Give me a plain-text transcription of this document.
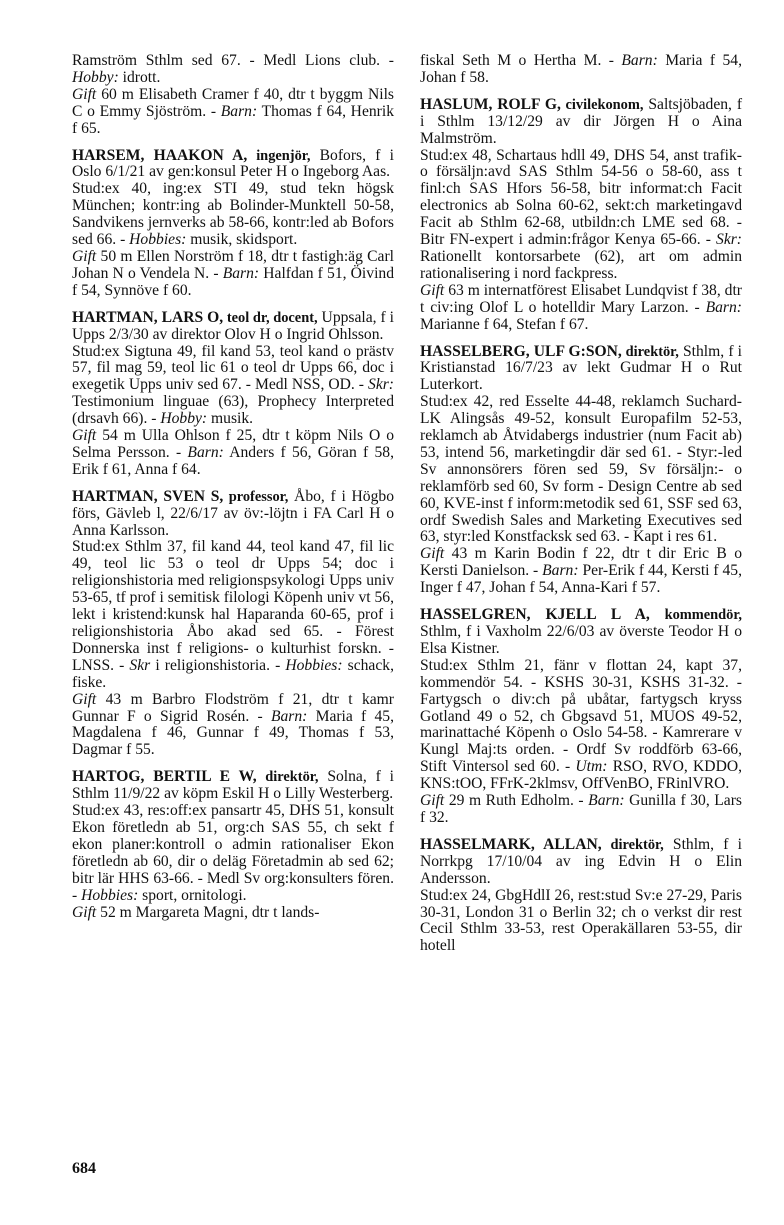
Ramström Sthlm sed 67. - Medl Lions club. - Hobby: idrott.

Gift 60 m Elisabeth Cramer f 40, dtr t byggm Nils C o Emmy Sjöström. - Barn: Thomas f 64, Henrik f 65.

HARSEM, HAAKON A, ingenjör, Bofors, f i Oslo 6/1/21 av gen:konsul Peter H o Ingeborg Aas.

Stud:ex 40, ing:ex STI 49, stud tekn högsk München; kontr:ing ab Bolinder-Munktell 50-58, Sandvikens jernverks ab 58-66, kontr:led ab Bofors sed 66. - Hobbies: musik, skidsport.

Gift 50 m Ellen Norström f 18, dtr t fastigh:äg Carl Johan N o Vendela N. - Barn: Halfdan f 51, Öivind f 54, Synnöve f 60.

HARTMAN, LARS O, teol dr, docent, Uppsala, f i Upps 2/3/30 av direktor Olov H o Ingrid Ohlsson.

Stud:ex Sigtuna 49, fil kand 53, teol kand o prästv 57, fil mag 59, teol lic 61 o teol dr Upps 66, doc i exegetik Upps univ sed 67. - Medl NSS, OD. - Skr: Testimonium linguae (63), Prophecy Interpreted (drsavh 66). - Hobby: musik.

Gift 54 m Ulla Ohlson f 25, dtr t köpm Nils O o Selma Persson. - Barn: Anders f 56, Göran f 58, Erik f 61, Anna f 64.

HARTMAN, SVEN S, professor, Åbo, f i Högbo förs, Gävleb l, 22/6/17 av öv:-löjtn i FA Carl H o Anna Karlsson.

Stud:ex Sthlm 37, fil kand 44, teol kand 47, fil lic 49, teol lic 53 o teol dr Upps 54; doc i religionshistoria med religionspsykologi Upps univ 53-65, tf prof i semitisk filologi Köpenh univ vt 56, lekt i kristend:kunsk hal Haparanda 60-65, prof i religionshistoria Åbo akad sed 65. - Förest Donnerska inst f religions- o kulturhist forskn. - LNSS. - Skr i religionshistoria. - Hobbies: schack, fiske.

Gift 43 m Barbro Flodström f 21, dtr t kamr Gunnar F o Sigrid Rosén. - Barn: Maria f 45, Magdalena f 46, Gunnar f 49, Thomas f 53, Dagmar f 55.

HARTOG, BERTIL E W, direktör, Solna, f i Sthlm 11/9/22 av köpm Eskil H o Lilly Westerberg.

Stud:ex 43, res:off:ex pansartr 45, DHS 51, konsult Ekon företledn ab 51, org:ch SAS 55, ch sekt f ekon planer:kontroll o admin rationaliser Ekon företledn ab 60, dir o deläg Företadmin ab sed 62; bitr lär HHS 63-66. - Medl Sv org:konsulters fören. - Hobbies: sport, ornitologi.

Gift 52 m Margareta Magni, dtr t lands-

fiskal Seth M o Hertha M. - Barn: Maria f 54, Johan f 58.

HASLUM, ROLF G, civilekonom, Saltsjöbaden, f i Sthlm 13/12/29 av dir Jörgen H o Aina Malmström.

Stud:ex 48, Schartaus hdll 49, DHS 54, anst trafik- o försäljn:avd SAS Sthlm 54-56 o 58-60, ass t finl:ch SAS Hfors 56-58, bitr informat:ch Facit electronics ab Solna 60-62, sekt:ch marketingavd Facit ab Sthlm 62-68, utbildn:ch LME sed 68. - Bitr FN-expert i admin:frågor Kenya 65-66. - Skr: Rationellt kontorsarbete (62), art om admin rationalisering i nord fackpress.

Gift 63 m internatförest Elisabet Lundqvist f 38, dtr t civ:ing Olof L o hotelldir Mary Larzon. - Barn: Marianne f 64, Stefan f 67.

HASSELBERG, ULF G:SON, direktör, Sthlm, f i Kristianstad 16/7/23 av lekt Gudmar H o Rut Luterkort.

Stud:ex 42, red Esselte 44-48, reklamch Suchard-LK Alingsås 49-52, konsult Europafilm 52-53, reklamch ab Åtvidabergs industrier (num Facit ab) 53, intend 56, marketingdir där sed 61. - Styr:-led Sv annonsörers fören sed 59, Sv försäljn:- o reklamförb sed 60, Sv form - Design Centre ab sed 60, KVE-inst f inform:metodik sed 61, SSF sed 63, ordf Swedish Sales and Marketing Executives sed 63, styr:led Konstfacksk sed 63. - Kapt i res 61.

Gift 43 m Karin Bodin f 22, dtr t dir Eric B o Kersti Danielson. - Barn: Per-Erik f 44, Kersti f 45, Inger f 47, Johan f 54, Anna-Kari f 57.

HASSELGREN, KJELL L A, kommendör, Sthlm, f i Vaxholm 22/6/03 av överste Teodor H o Elsa Kistner.

Stud:ex Sthlm 21, fänr v flottan 24, kapt 37, kommendör 54. - KSHS 30-31, KSHS 31-32. - Fartygsch o div:ch på ubåtar, fartygsch kryss Gotland 49 o 52, ch Gbgsavd 51, MUOS 49-52, marinattaché Köpenh o Oslo 54-58. - Kamrerare v Kungl Maj:ts orden. - Ordf Sv roddförb 63-66, Stift Vintersol sed 60. - Utm: RSO, RVO, KDDO, KNS:tOO, FFrK-2klmsv, OffVenBO, FRinlVRO.

Gift 29 m Ruth Edholm. - Barn: Gunilla f 30, Lars f 32.

HASSELMARK, ALLAN, direktör, Sthlm, f i Norrkpg 17/10/04 av ing Edvin H o Elin Andersson.

Stud:ex 24, GbgHdlI 26, rest:stud Sv:e 27-29, Paris 30-31, London 31 o Berlin 32; ch o verkst dir rest Cecil Sthlm 33-53, rest Operakällaren 53-55, dir hotell

684
